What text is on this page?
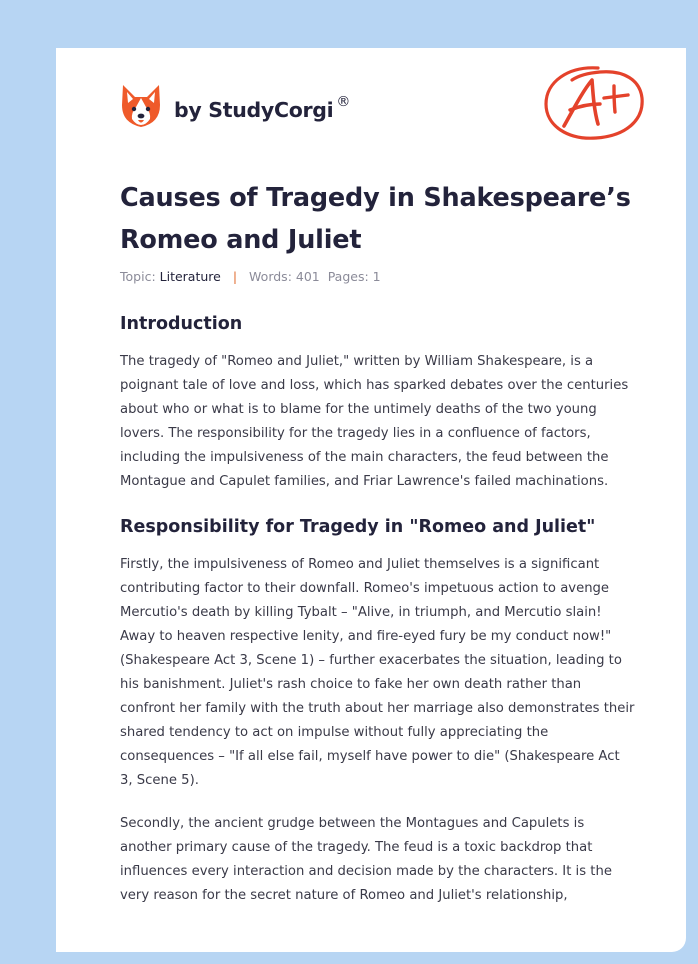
by StudyCorgi ®
Causes of Tragedy in Shakespeare’s Romeo and Juliet
Topic: Literature | Words: 401 Pages: 1
Introduction

The tragedy of "Romeo and Juliet," written by William Shakespeare, is a poignant tale of love and loss, which has sparked debates over the centuries about who or what is to blame for the untimely deaths of the two young lovers. The responsibility for the tragedy lies in a confluence of factors, including the impulsiveness of the main characters, the feud between the Montague and Capulet families, and Friar Lawrence's failed machinations.

Responsibility for Tragedy in "Romeo and Juliet"

Firstly, the impulsiveness of Romeo and Juliet themselves is a significant contributing factor to their downfall. Romeo's impetuous action to avenge Mercutio's death by killing Tybalt – "Alive, in triumph, and Mercutio slain! Away to heaven respective lenity, and fire-eyed fury be my conduct now!" (Shakespeare Act 3, Scene 1) – further exacerbates the situation, leading to his banishment. Juliet's rash choice to fake her own death rather than confront her family with the truth about her marriage also demonstrates their shared tendency to act on impulse without fully appreciating the consequences – "If all else fail, myself have power to die" (Shakespeare Act 3, Scene 5).

Secondly, the ancient grudge between the Montagues and Capulets is another primary cause of the tragedy. The feud is a toxic backdrop that influences every interaction and decision made by the characters. It is the very reason for the secret nature of Romeo and Juliet's relationship,
